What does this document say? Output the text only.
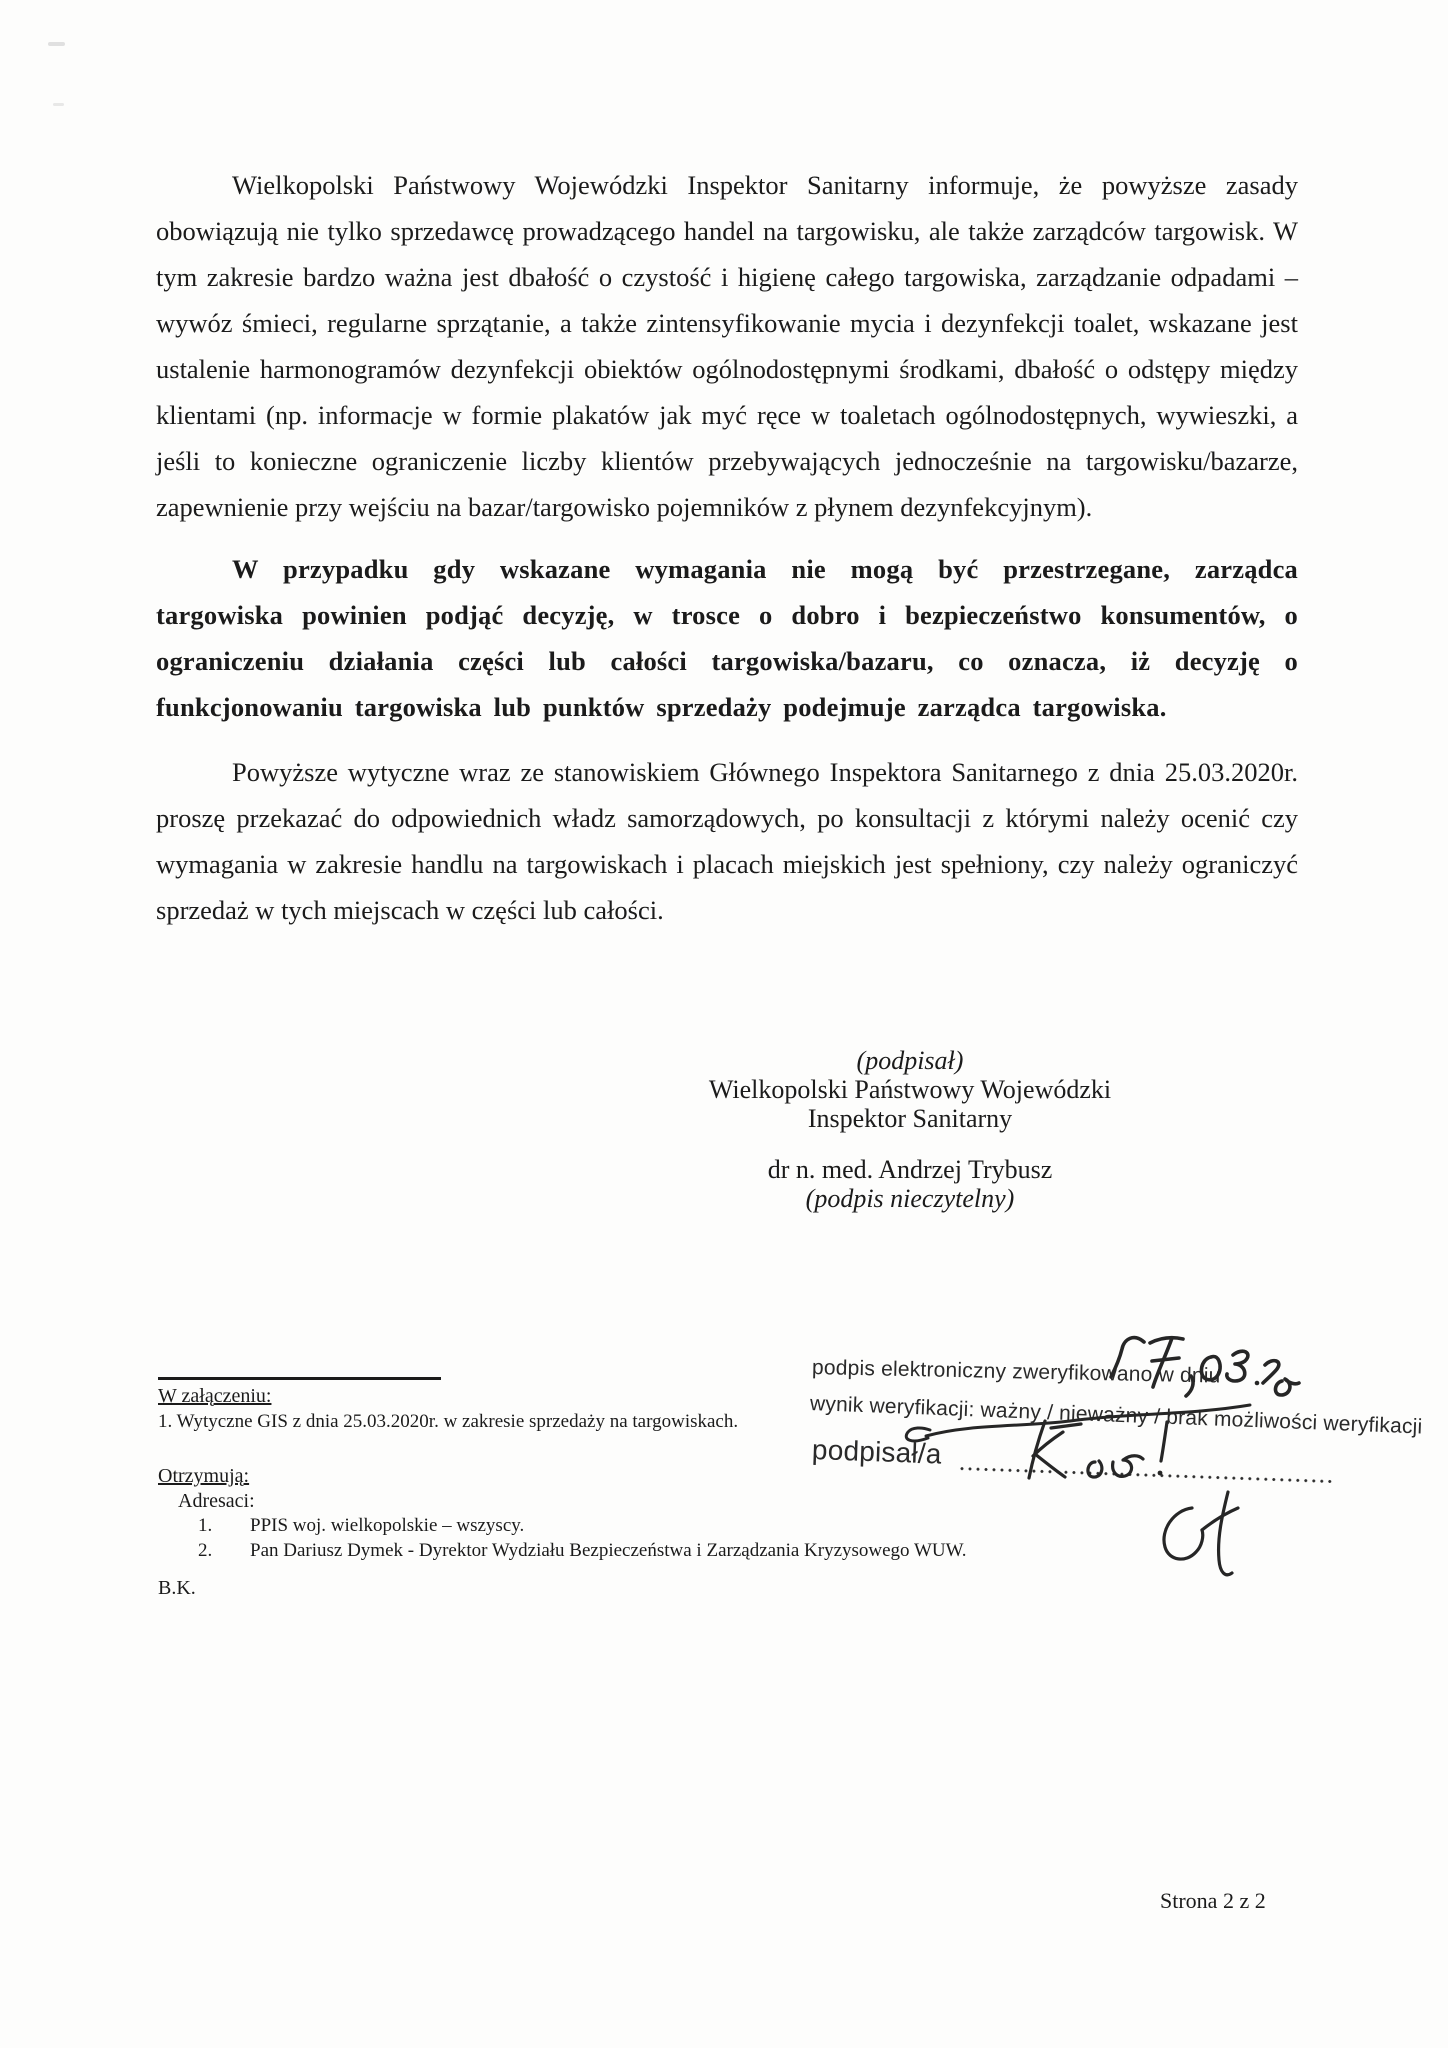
Wielkopolski Państwowy Wojewódzki Inspektor Sanitarny informuje, że powyższe zasady obowiązują nie tylko sprzedawcę prowadzącego handel na targowisku, ale także zarządców targowisk. W tym zakresie bardzo ważna jest dbałość o czystość i higienę całego targowiska, zarządzanie odpadami – wywóz śmieci, regularne sprzątanie, a także zintensyfikowanie mycia i dezynfekcji toalet, wskazane jest ustalenie harmonogramów dezynfekcji obiektów ogólnodostępnymi środkami, dbałość o odstępy między klientami (np. informacje w formie plakatów jak myć ręce w toaletach ogólnodostępnych, wywieszki, a jeśli to konieczne ograniczenie liczby klientów przebywających jednocześnie na targowisku/bazarze, zapewnienie przy wejściu na bazar/targowisko pojemników z płynem dezynfekcyjnym).

W przypadku gdy wskazane wymagania nie mogą być przestrzegane, zarządca targowiska powinien podjąć decyzję, w trosce o dobro i bezpieczeństwo konsumentów, o ograniczeniu działania części lub całości targowiska/bazaru, co oznacza, iż decyzję o funkcjonowaniu targowiska lub punktów sprzedaży podejmuje zarządca targowiska.

Powyższe wytyczne wraz ze stanowiskiem Głównego Inspektora Sanitarnego z dnia 25.03.2020r. proszę przekazać do odpowiednich władz samorządowych, po konsultacji z którymi należy ocenić czy wymagania w zakresie handlu na targowiskach i placach miejskich jest spełniony, czy należy ograniczyć sprzedaż w tych miejscach w części lub całości.

(podpisał)
Wielkopolski Państwowy Wojewódzki
Inspektor Sanitarny
dr n. med. Andrzej Trybusz
(podpis nieczytelny)
podpis elektroniczny zweryfikowano w dniu
wynik weryfikacji: ważny / nieważny / brak możliwości weryfikacji
podpisał/a
W załączeniu:
1. Wytyczne GIS z dnia 25.03.2020r. w zakresie sprzedaży na targowiskach.
Otrzymują:
Adresaci:
1. PPIS woj. wielkopolskie – wszyscy.
2. Pan Dariusz Dymek - Dyrektor Wydziału Bezpieczeństwa i Zarządzania Kryzysowego WUW.
B.K.
Strona 2 z 2
